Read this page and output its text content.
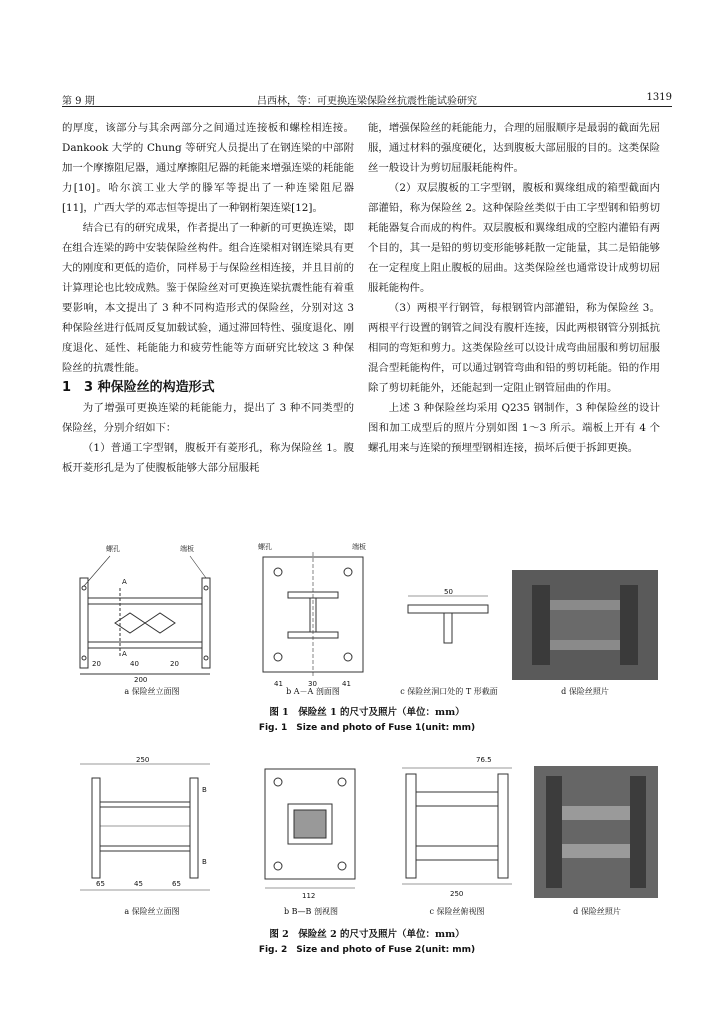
第 9 期	吕西林，等：可更换连梁保险丝抗震性能试验研究	1319

的厚度，该部分与其余两部分之间通过连接板和螺栓相连接。Dankook 大学的 Chung 等研究人员提出了在钢连梁的中部附加一个摩擦阻尼器，通过摩擦阻尼器的耗能来增强连梁的耗能能力[10]。哈尔滨工业大学的滕军等提出了一种连梁阻尼器[11]，广西大学的邓志恒等提出了一种钢桁架连梁[12]。

结合已有的研究成果，作者提出了一种新的可更换连梁，即在组合连梁的跨中安装保险丝构件。组合连梁相对钢连梁具有更大的刚度和更低的造价，同样易于与保险丝相连接，并且目前的计算理论也比较成熟。鉴于保险丝对可更换连梁抗震性能有着重要影响，本文提出了 3 种不同构造形式的保险丝，分别对这 3 种保险丝进行低周反复加载试验，通过滞回特性、强度退化、刚度退化、延性、耗能能力和疲劳性能等方面研究比较这 3 种保险丝的抗震性能。

1　3 种保险丝的构造形式

为了增强可更换连梁的耗能能力，提出了 3 种不同类型的保险丝，分别介绍如下：

（1）普通工字型钢，腹板开有菱形孔，称为保险丝 1。腹板开菱形孔是为了使腹板能够大部分屈服耗

能，增强保险丝的耗能能力，合理的屈服顺序是最弱的截面先屈服，通过材料的强度硬化，达到腹板大部屈服的目的。这类保险丝一般设计为剪切屈服耗能构件。

（2）双层腹板的工字型钢，腹板和翼缘组成的箱型截面内部灌铅，称为保险丝 2。这种保险丝类似于由工字型钢和铅剪切耗能器复合而成的构件。双层腹板和翼缘组成的空腔内灌铅有两个目的，其一是铅的剪切变形能够耗散一定能量，其二是铅能够在一定程度上阻止腹板的屈曲。这类保险丝也通常设计成剪切屈服耗能构件。

（3）两根平行钢管，每根钢管内部灌铅，称为保险丝 3。两根平行设置的钢管之间没有腹杆连接，因此两根钢管分别抵抗相同的弯矩和剪力。这类保险丝可以设计成弯曲屈服和剪切屈服混合型耗能构件，可以通过钢管弯曲和铅的剪切耗能。铅的作用除了剪切耗能外，还能起到一定阻止钢管屈曲的作用。

上述 3 种保险丝均采用 Q235 钢制作，3 种保险丝的设计图和加工成型后的照片分别如图 1～3 所示。端板上开有 4 个螺孔用来与连梁的预埋型钢相连接，损坏后便于拆卸更换。

螺孔	端板
A
A
20	40	20
200
螺孔	端板
41	30	41
50
a 保险丝立面图	b A－A 剖面图	c 保险丝洞口处的 T 形截面	d 保险丝照片
图 1　保险丝 1 的尺寸及照片（单位：mm）
Fig. 1　Size and photo of Fuse 1(unit: mm)
250
B
B
65	45	65
112
76.5
250
a 保险丝立面图	b B—B 剖视图	c 保险丝俯视图	d 保险丝照片
图 2　保险丝 2 的尺寸及照片（单位：mm）
Fig. 2　Size and photo of Fuse 2(unit: mm)
